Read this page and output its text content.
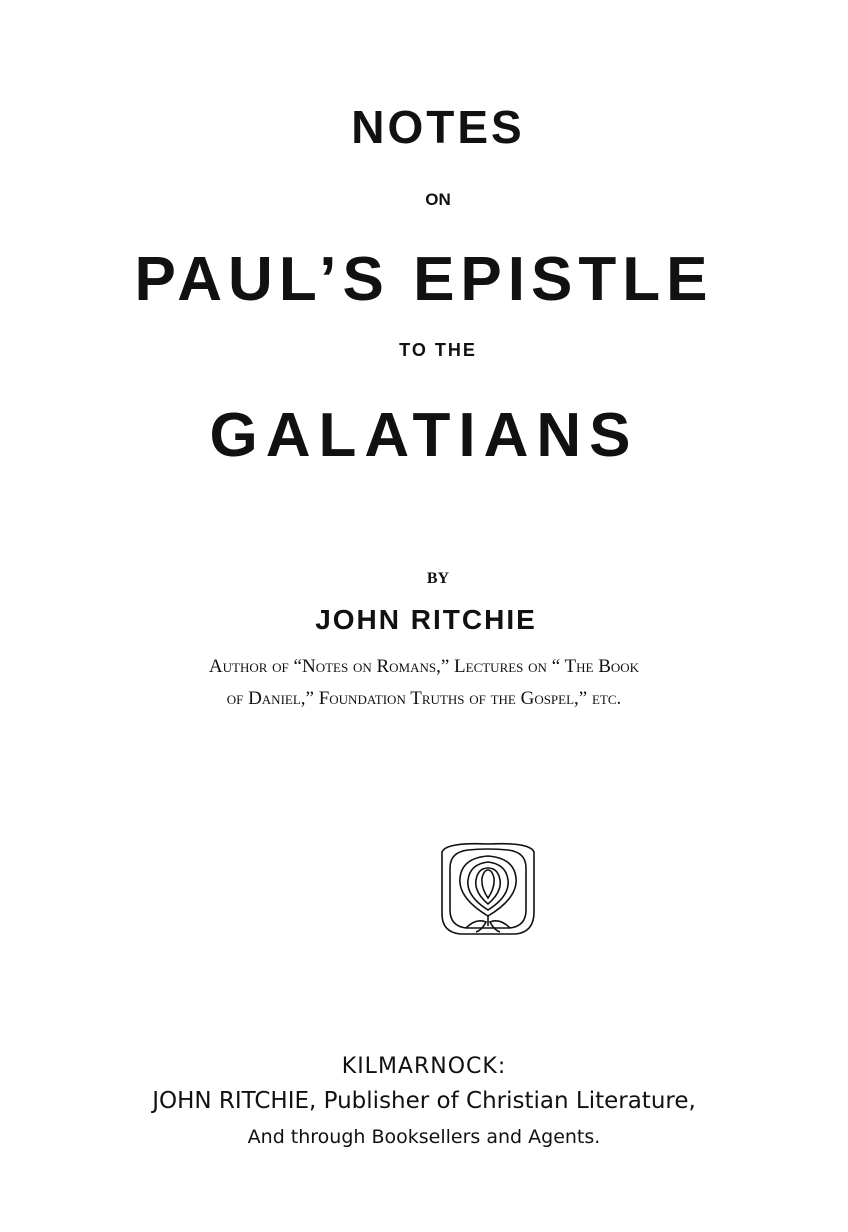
NOTES

ON

PAUL’S EPISTLE

TO THE

GALATIANS

BY

JOHN RITCHIE

Author of “Notes on Romans,” Lectures on “ The Book

of Daniel,” Foundation Truths of the Gospel,” etc.

KILMARNOCK:

JOHN RITCHIE, Publisher of Christian Literature,

And through Booksellers and Agents.
